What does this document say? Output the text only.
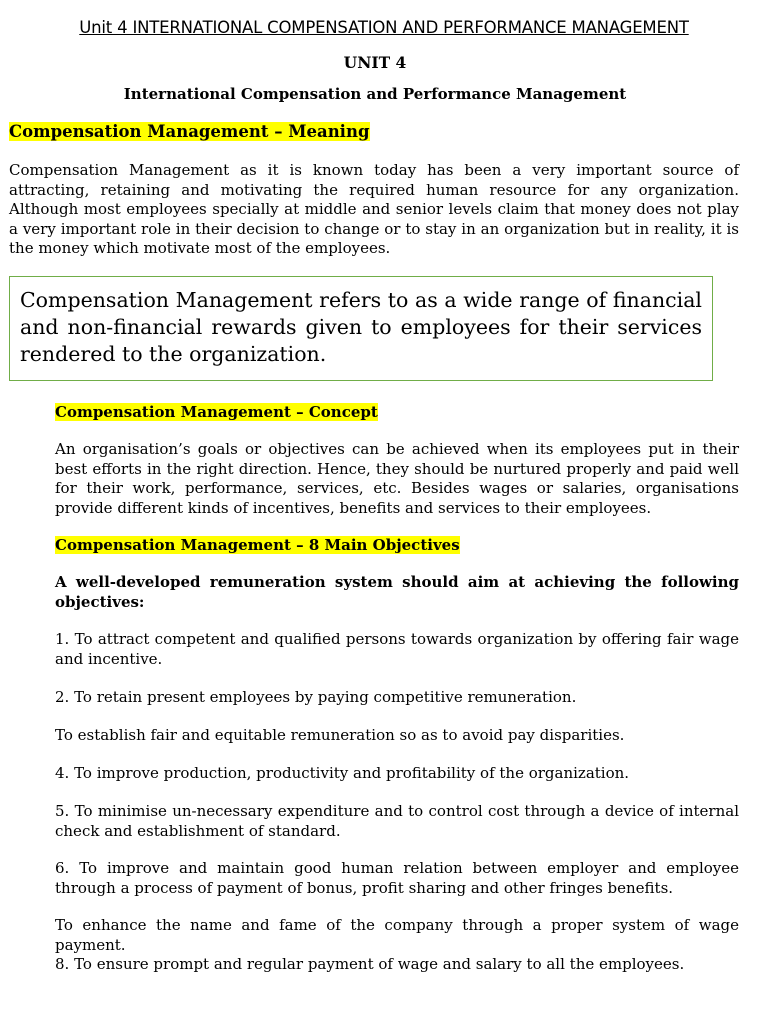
Unit 4 INTERNATIONAL COMPENSATION AND PERFORMANCE MANAGEMENT
UNIT 4
International Compensation and Performance Management
Compensation Management – Meaning
Compensation Management as it is known today has been a very important source of attracting, retaining and motivating the required human resource for any organization. Although most employees specially at middle and senior levels claim that money does not play a very important role in their decision to change or to stay in an organization but in reality, it is the money which motivate most of the employees.
Compensation Management refers to as a wide range of financial and non-financial rewards given to employees for their services rendered to the organization.
Compensation Management – Concept
An organisation’s goals or objectives can be achieved when its employees put in their best efforts in the right direction. Hence, they should be nurtured properly and paid well for their work, performance, services, etc. Besides wages or salaries, organisations provide different kinds of incentives, benefits and services to their employees.
Compensation Management – 8 Main Objectives
A well-developed remuneration system should aim at achieving the following objectives:
1. To attract competent and qualified persons towards organization by offering fair wage and incentive.
2. To retain present employees by paying competitive remuneration.
To establish fair and equitable remuneration so as to avoid pay disparities.
4. To improve production, productivity and profitability of the organization.
5. To minimise un-necessary expenditure and to control cost through a device of internal check and establishment of standard.
6. To improve and maintain good human relation between employer and employee through a process of payment of bonus, profit sharing and other fringes benefits.
To enhance the name and fame of the company through a proper system of wage payment.
8. To ensure prompt and regular payment of wage and salary to all the employees.
